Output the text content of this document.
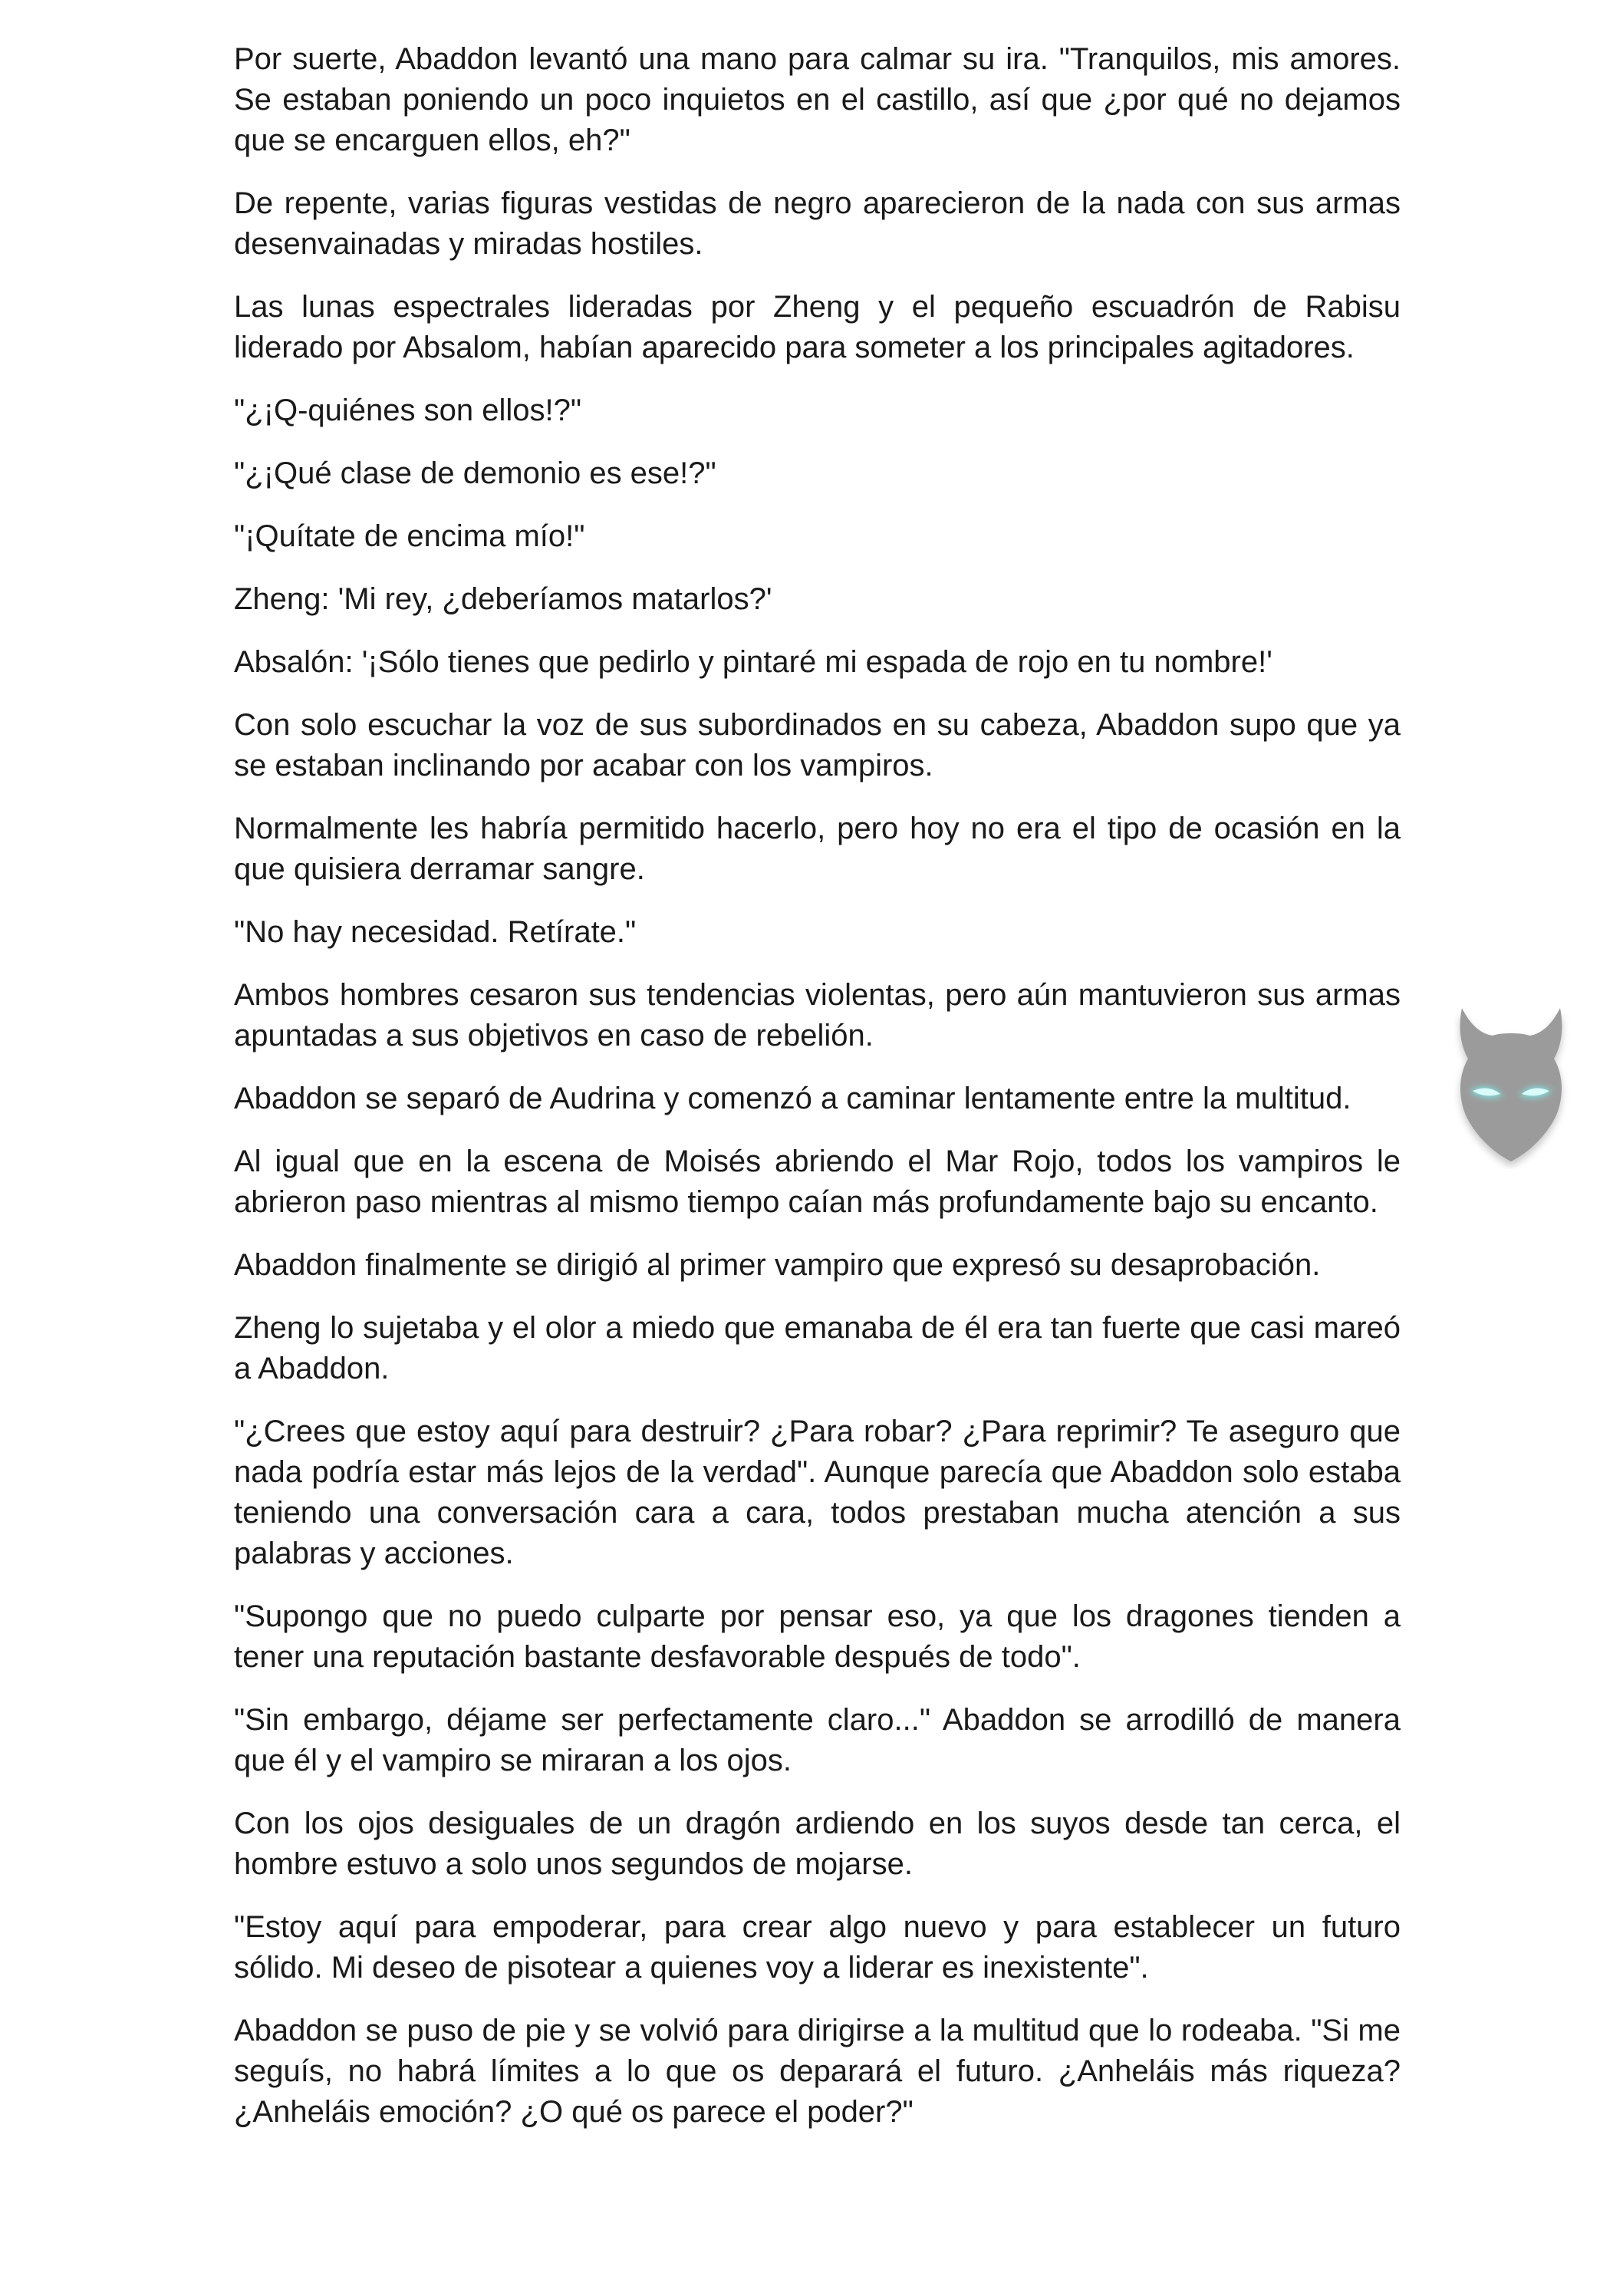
Por suerte, Abaddon levantó una mano para calmar su ira. "Tranquilos, mis amores. Se estaban poniendo un poco inquietos en el castillo, así que ¿por qué no dejamos que se encarguen ellos, eh?"

De repente, varias figuras vestidas de negro aparecieron de la nada con sus armas desenvainadas y miradas hostiles.

Las lunas espectrales lideradas por Zheng y el pequeño escuadrón de Rabisu liderado por Absalom, habían aparecido para someter a los principales agitadores.

"¿¡Q-quiénes son ellos!?"

"¿¡Qué clase de demonio es ese!?"

"¡Quítate de encima mío!"

Zheng: 'Mi rey, ¿deberíamos matarlos?'

Absalón: '¡Sólo tienes que pedirlo y pintaré mi espada de rojo en tu nombre!'

Con solo escuchar la voz de sus subordinados en su cabeza, Abaddon supo que ya se estaban inclinando por acabar con los vampiros.

Normalmente les habría permitido hacerlo, pero hoy no era el tipo de ocasión en la que quisiera derramar sangre.

"No hay necesidad. Retírate."

Ambos hombres cesaron sus tendencias violentas, pero aún mantuvieron sus armas apuntadas a sus objetivos en caso de rebelión.

Abaddon se separó de Audrina y comenzó a caminar lentamente entre la multitud.

Al igual que en la escena de Moisés abriendo el Mar Rojo, todos los vampiros le abrieron paso mientras al mismo tiempo caían más profundamente bajo su encanto.

Abaddon finalmente se dirigió al primer vampiro que expresó su desaprobación.

Zheng lo sujetaba y el olor a miedo que emanaba de él era tan fuerte que casi mareó a Abaddon.

"¿Crees que estoy aquí para destruir? ¿Para robar? ¿Para reprimir? Te aseguro que nada podría estar más lejos de la verdad". Aunque parecía que Abaddon solo estaba teniendo una conversación cara a cara, todos prestaban mucha atención a sus palabras y acciones.

"Supongo que no puedo culparte por pensar eso, ya que los dragones tienden a tener una reputación bastante desfavorable después de todo".

"Sin embargo, déjame ser perfectamente claro..." Abaddon se arrodilló de manera que él y el vampiro se miraran a los ojos.

Con los ojos desiguales de un dragón ardiendo en los suyos desde tan cerca, el hombre estuvo a solo unos segundos de mojarse.

"Estoy aquí para empoderar, para crear algo nuevo y para establecer un futuro sólido. Mi deseo de pisotear a quienes voy a liderar es inexistente".

Abaddon se puso de pie y se volvió para dirigirse a la multitud que lo rodeaba. "Si me seguís, no habrá límites a lo que os deparará el futuro. ¿Anheláis más riqueza? ¿Anheláis emoción? ¿O qué os parece el poder?"
